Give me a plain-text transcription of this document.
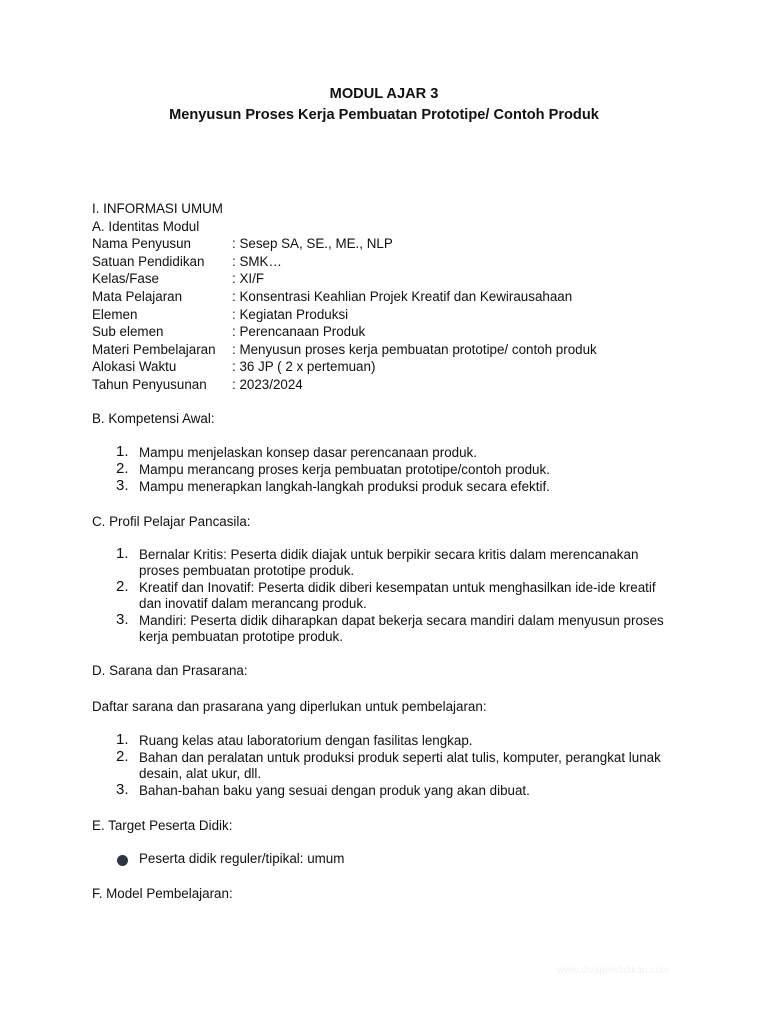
MODUL AJAR 3
Menyusun Proses Kerja Pembuatan Prototipe/ Contoh Produk

I. INFORMASI UMUM

A. Identitas Modul

Nama Penyusun	: Sesep SA, SE., ME., NLP

Satuan Pendidikan : SMK…

Kelas/Fase	: XI/F

Mata Pelajaran	: Konsentrasi Keahlian Projek Kreatif dan Kewirausahaan

Elemen	: Kegiatan Produksi

Sub elemen	: Perencanaan Produk

Materi Pembelajaran : Menyusun proses kerja pembuatan prototipe/ contoh produk

Alokasi Waktu	: 36 JP ( 2 x pertemuan)

Tahun Penyusunan : 2023/2024

B. Kompetensi Awal:

1. Mampu menjelaskan konsep dasar perencanaan produk.
2. Mampu merancang proses kerja pembuatan prototipe/contoh produk.
3. Mampu menerapkan langkah-langkah produksi produk secara efektif.

C. Profil Pelajar Pancasila:

1. Bernalar Kritis: Peserta didik diajak untuk berpikir secara kritis dalam merencanakan proses pembuatan prototipe produk.
2. Kreatif dan Inovatif: Peserta didik diberi kesempatan untuk menghasilkan ide-ide kreatif dan inovatif dalam merancang produk.
3. Mandiri: Peserta didik diharapkan dapat bekerja secara mandiri dalam menyusun proses kerja pembuatan prototipe produk.

D. Sarana dan Prasarana:

Daftar sarana dan prasarana yang diperlukan untuk pembelajaran:

1. Ruang kelas atau laboratorium dengan fasilitas lengkap.
2. Bahan dan peralatan untuk produksi produk seperti alat tulis, komputer, perangkat lunak desain, alat ukur, dll.
3. Bahan-bahan baku yang sesuai dengan produk yang akan dibuat.

E. Target Peserta Didik:

Peserta didik reguler/tipikal: umum

F. Model Pembelajaran:

www.divapendidikan.com
